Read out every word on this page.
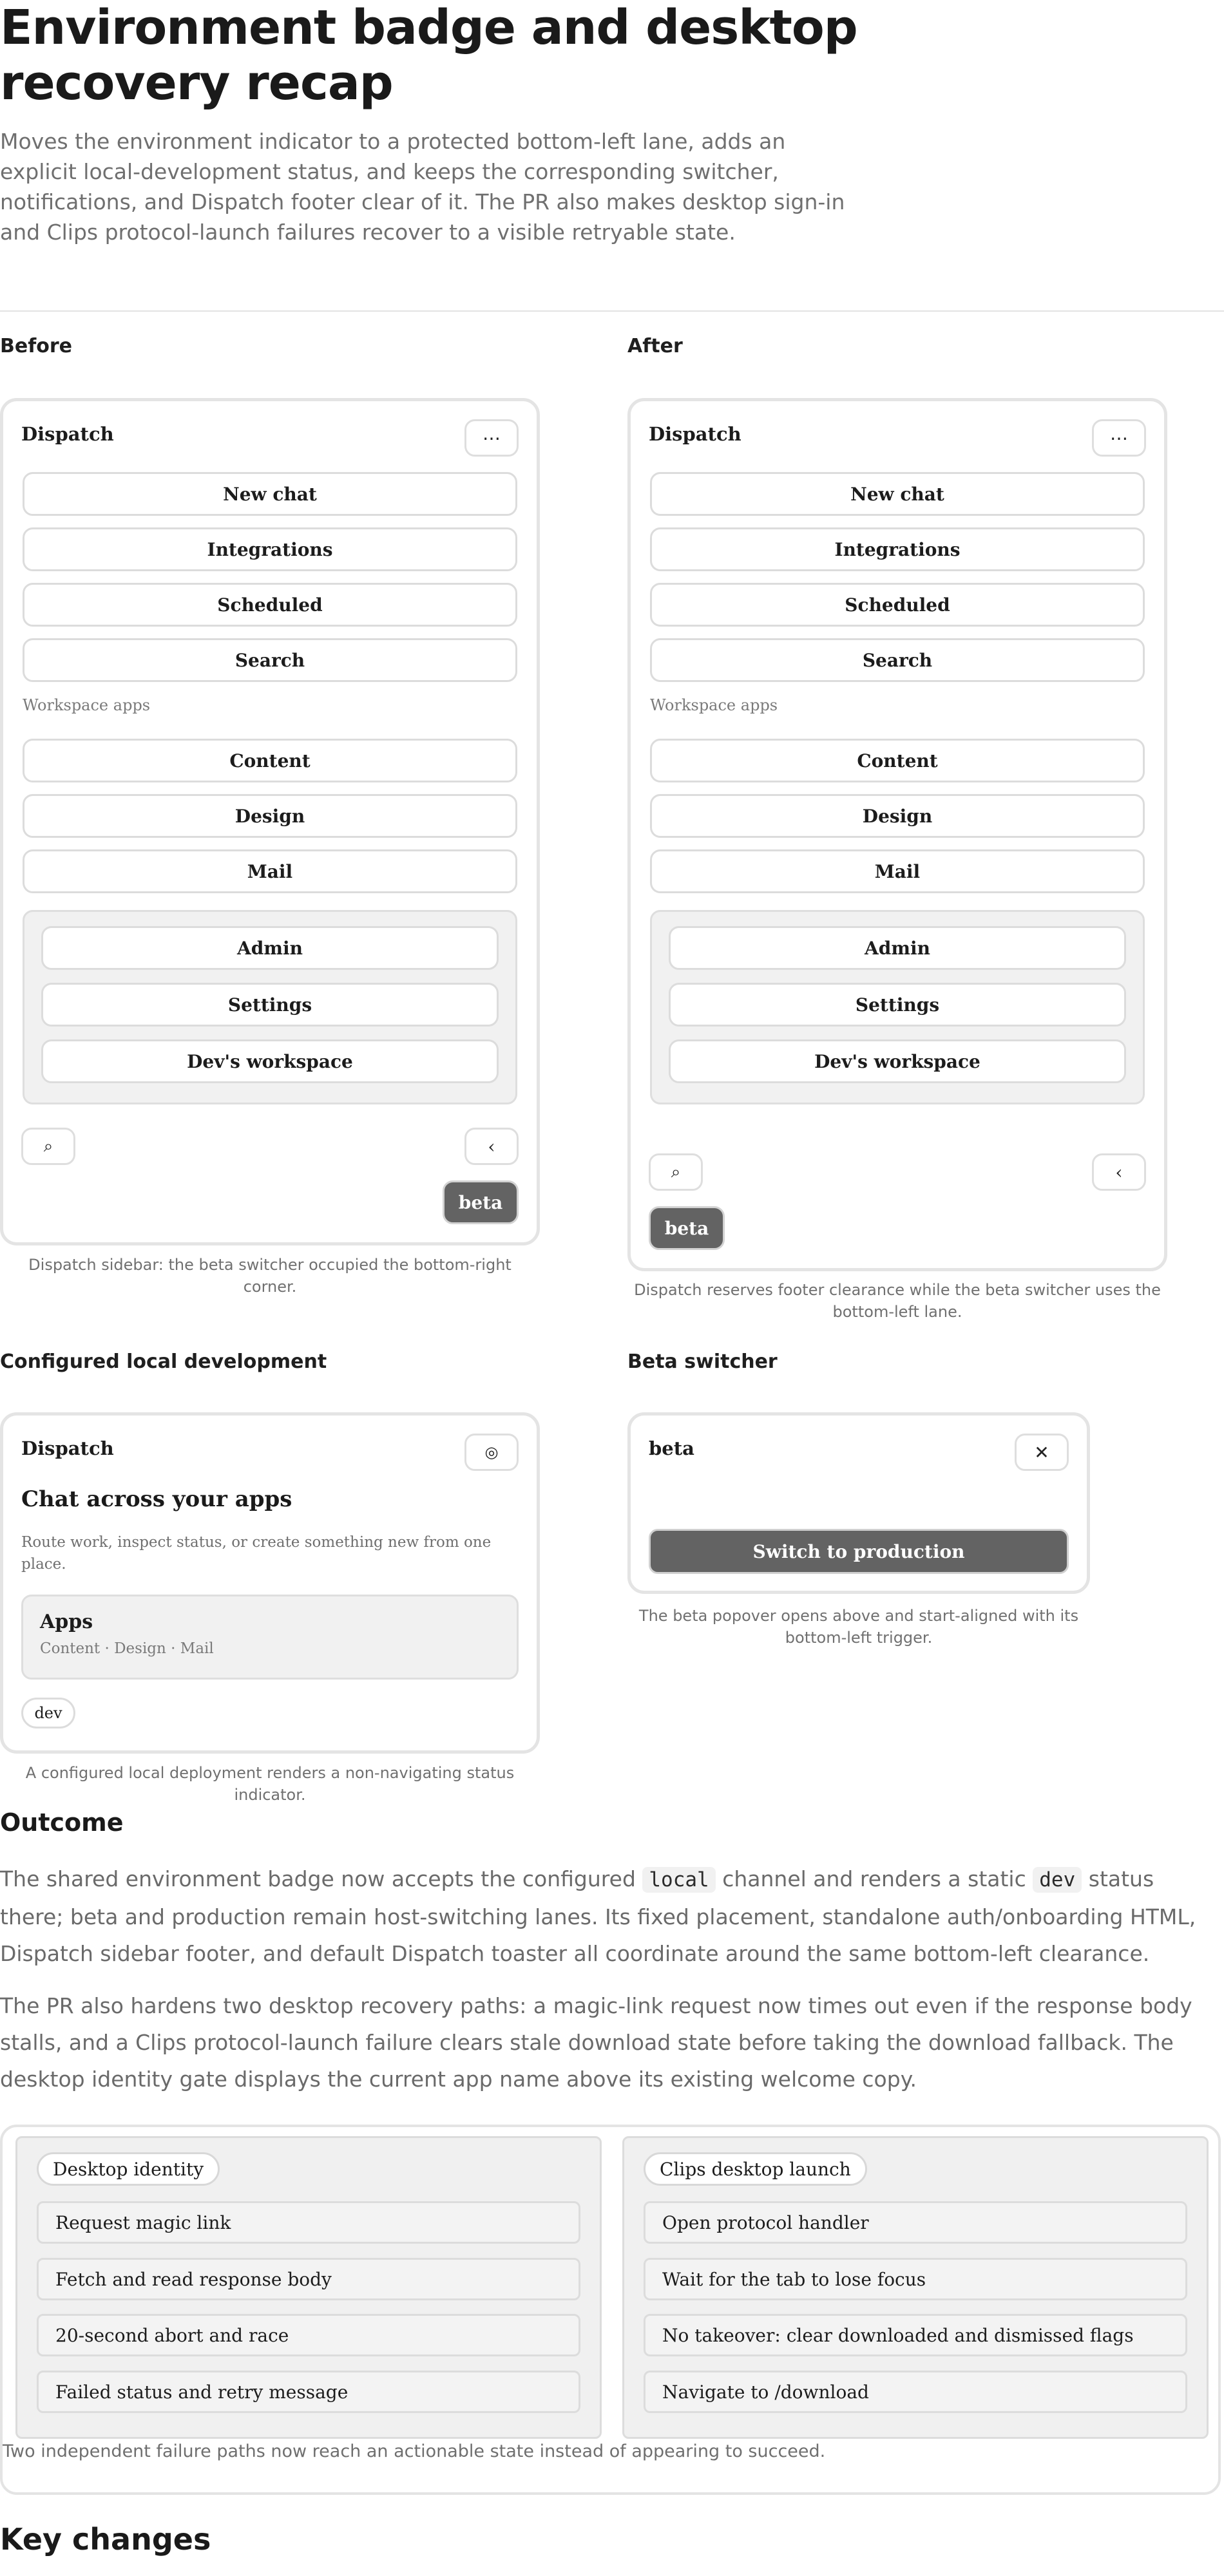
Environment badge and desktop recovery recap

Moves the environment indicator to a protected bottom-left lane, adds an explicit local-development status, and keeps the corresponding switcher, notifications, and Dispatch footer clear of it. The PR also makes desktop sign-in and Clips protocol-launch failures recover to a visible retryable state.

Before
Dispatch	⋯
New chat
Integrations
Scheduled
Search
Workspace apps
Content
Design
Mail
Admin
Settings
Dev's workspace
⌕	‹
beta

Dispatch sidebar: the beta switcher occupied the bottom-right corner.

After
Dispatch	⋯
New chat
Integrations
Scheduled
Search
Workspace apps
Content
Design
Mail
Admin
Settings
Dev's workspace
⌕	‹
beta

Dispatch reserves footer clearance while the beta switcher uses the bottom-left lane.

Configured local development
Dispatch	◎
Chat across your apps
Route work, inspect status, or create something new from one place.
Apps
Content · Design · Mail
dev

A configured local deployment renders a non-navigating status indicator.

Beta switcher
beta	✕
Switch to production

The beta popover opens above and start-aligned with its bottom-left trigger.

Outcome

The shared environment badge now accepts the configured local channel and renders a static dev status there; beta and production remain host-switching lanes. Its fixed placement, standalone auth/onboarding HTML, Dispatch sidebar footer, and default Dispatch toaster all coordinate around the same bottom-left clearance.

The PR also hardens two desktop recovery paths: a magic-link request now times out even if the response body stalls, and a Clips protocol-launch failure clears stale download state before taking the download fallback. The desktop identity gate displays the current app name above its existing welcome copy.

Desktop identity
Request magic link
Fetch and read response body
20-second abort and race
Failed status and retry message
Clips desktop launch
Open protocol handler
Wait for the tab to lose focus
No takeover: clear downloaded and dismissed flags
Navigate to /download

Two independent failure paths now reach an actionable state instead of appearing to succeed.

Key changes
